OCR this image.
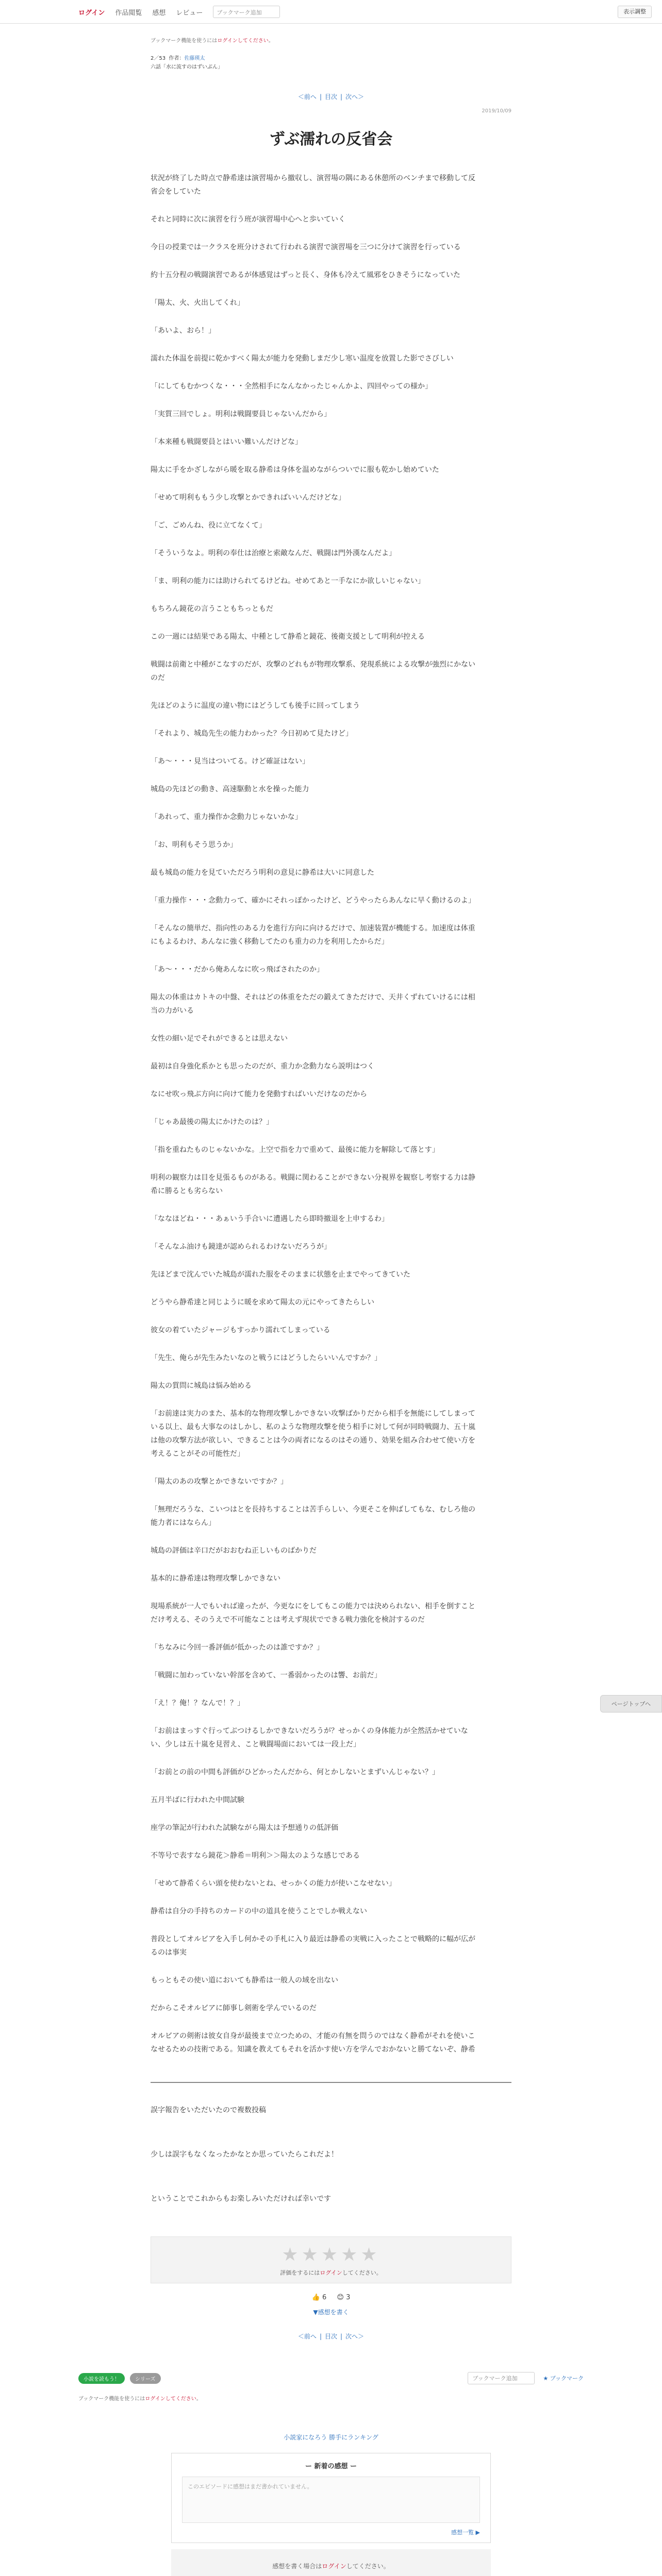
ログイン 作品閲覧 感想 レビュー	ブックマーク追加	表示調整
ブックマーク機能を使うにはログインしてください。
2／53 作者：佐藤瑛太
六話「水に流すのはずいぶん」
＜前へ | 目次 | 次へ＞
2019/10/09
ずぶ濡れの反省会

状況が終了した時点で静希達は演習場から撤収し、演習場の隅にある休憩所のベンチまで移動して反省会をしていた

それと同時に次に演習を行う班が演習場中心へと歩いていく

今日の授業では一クラスを班分けされて行われる演習で演習場を三つに分けて演習を行っている

約十五分程の戦闘演習であるが体感覚はずっと長く、身体も冷えて風邪をひきそうになっていた

「陽太、火、火出してくれ」

「あいよ、おら！」

濡れた体温を前提に乾かすべく陽太が能力を発動しまだ少し寒い温度を放置した影でさびしい

「にしてもむかつくな・・・全然相手になんなかったじゃんかよ、四回やっての様か」

「実質三回でしょ。明利は戦闘要員じゃないんだから」

「本来種も戦闘要員とはいい難いんだけどな」

陽太に手をかざしながら暖を取る静希は身体を温めながらついでに服も乾かし始めていた

「せめて明利ももう少し攻撃とかできればいいんだけどな」

「ご、ごめんね、役に立てなくて」

「そういうなよ。明利の奉仕は治療と索敵なんだ、戦闘は門外漢なんだよ」

「ま、明利の能力には助けられてるけどね。せめてあと一手なにか欲しいじゃない」

もちろん鏡花の言うこともちっともだ

この一週には結果である陽太、中種として静希と鏡花、後衛支援として明利が控える

戦闘は前衛と中種がこなすのだが、攻撃のどれもが物理攻撃系、発現系統による攻撃が強烈にかないのだ

先ほどのように温度の違い物にはどうしても後手に回ってしまう

「それより、城島先生の能力わかった？今日初めて見たけど」

「あ〜・・・見当はついてる。けど確証はない」

城島の先ほどの動き、高速駆動と水を操った能力

「あれって、重力操作か念動力じゃないかな」

「お、明利もそう思うか」

最も城島の能力を見ていただろう明利の意見に静希は大いに同意した

「重力操作・・・念動力って、確かにそれっぽかったけど、どうやったらあんなに早く動けるのよ」

「そんなの簡単だ、指向性のある力を進行方向に向けるだけで、加速装置が機能する。加速度は体重にもよるわけ、あんなに強く移動してたのも重力の力を利用したからだ」

「あ〜・・・だから俺あんなに吹っ飛ばされたのか」

陽太の体重はカトキの中盤、それはどの体重をただの鍛えてきただけで、天井くずれていけるには相当の力がいる

女性の細い足でそれができるとは思えない

最初は自身強化系かとも思ったのだが、重力か念動力なら説明はつく

なにせ吹っ飛ぶ方向に向けて能力を発動すればいいだけなのだから

「じゃあ最後の陽太にかけたのは？」

「指を重ねたものじゃないかな。上空で指を力で重めて、最後に能力を解除して落とす」

明利の観察力は目を見張るものがある。戦闘に関わることができない分視界を観察し考察する力は静希に勝るとも劣らない

「ななほどね・・・あぁいう手合いに遭遇したら即時撤退を上申するわ」

「そんなふ油けも鏡達が認められるわけないだろうが」

先ほどまで沈んでいた城島が濡れた服をそのままに状態を止までやってきていた

どうやら静希達と同じように暖を求めて陽太の元にやってきたらしい

彼女の着ていたジャージもすっかり濡れてしまっている

「先生、俺らが先生みたいなのと戦うにはどうしたらいいんですか？」

陽太の質問に城島は悩み始める

「お前達は実力のまた、基本的な物理攻撃しかできない攻撃ばかりだから相手を無能にしてしまっている以上、最も大事なのはしかし、私のような物理攻撃を使う相手に対して何が同時戦闘力、五十嵐は他の攻撃方法が欲しい、できることは今の両者になるのはその通り、効果を組み合わせて使い方を考えることがその可能性だ」

「陽太のあの攻撃とかできないですか？」

「無理だろうな、こいつはとを長持ちすることは苦手らしい、今更そこを伸ばしてもな、むしろ他の能力者にはならん」

城島の評価は辛口だがおおむね正しいものばかりだ

基本的に静希達は物理攻撃しかできない

現場系統が一人でもいれば違ったが、今更なにをしてもこの能力では決められない、相手を倒すことだけ考える、そのうえで不可能なことは考えず現状でできる戦力強化を検討するのだ

「ちなみに今回一番評価が低かったのは誰ですか？」

「戦闘に加わっていない幹部を含めて、一番弱かったのは響、お前だ」

「え！？俺！？なんで！？」

「お前はまっすぐ行ってぶつけるしかできないだろうが？せっかくの身体能力が全然活かせていない、少しは五十嵐を見習え、こと戦闘場面においては一段上だ」

「お前との前の中間も評価がひどかったんだから、何とかしないとまずいんじゃない？」

五月半ばに行われた中間試験

座学の筆記が行われた試験ながら陽太は予想通りの低評価

不等号で表すなら鏡花＞静希＝明利＞＞陽太のような感じである

「せめて静希くらい頭を使わないとね、せっかくの能力が使いこなせない」

静希は自分の手持ちのカードの中の道具を使うことでしか戦えない

普段としてオルビアを入手し何かその手札に入り最近は静希の実戦に入ったことで戦略的に幅が広がるのは事実

もっともその使い道においても静希は一般人の域を出ない

だからこそオルビアに師事し剣術を学んでいるのだ

オルビアの剣術は彼女自身が最後まで立つための、才能の有無を問うのではなく静希がそれを使いこなせるための技術である。知識を教えてもそれを活かす使い方を学んでおかないと勝てないぞ、静希

誤字報告をいただいたので複数投稿

少しは誤字もなくなったかなとか思っていたらこれだよ！

ということでこれからもお楽しみいただければ幸いです

★★★★★
評価をするにはログインしてください。
👍 6 😊 3
▼感想を書く
＜前へ | 目次 | 次へ＞
小説を読もう！	シリーズ	ブックマーク追加	★ ブックマーク
ブックマーク機能を使うにはログインしてください。
小説家になろう 勝手にランキング
ー 新着の感想 ー
このエピソードに感想はまだ書かれていません。
感想一覧 ▶
感想を書く場合はログインしてください。
ページトップへ
